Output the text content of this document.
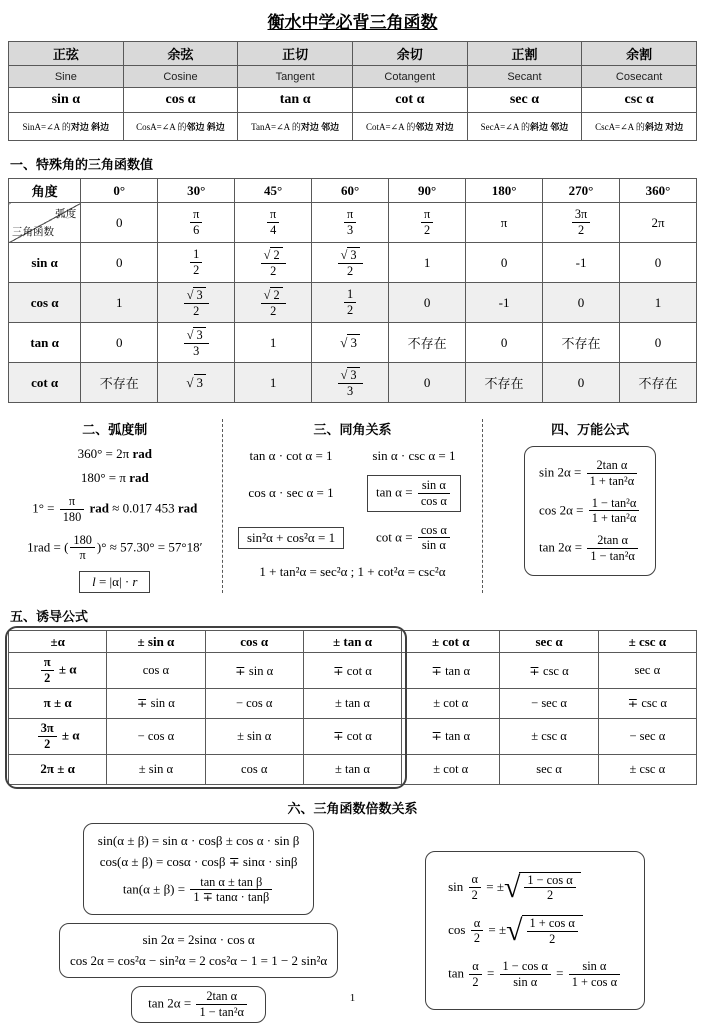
衡水中学必背三角函数
正弦	余弦	正切	余切	正割	余割
Sine	Cosine	Tangent	Cotangent	Secant	Cosecant
sin α	cos α	tan α	cot α	sec α	csc α
SinA=∠A 的对边 斜边	CosA=∠A 的邻边 斜边	TanA=∠A 的对边 邻边	CotA=∠A 的邻边 对边	SecA=∠A 的斜边 邻边	CscA=∠A 的斜边 对边
一、特殊角的三角函数值
角度	0°	30°	45°	60°	90°	180°	270°	360°

弧度
三角函数	0	$\frac{\pi}{6}$	$\frac{\pi}{4}$	$\frac{\pi}{3}$	$\frac{\pi}{2}$	π	$\frac{3\pi}{2}$	2π
sin α	0	$\frac{1}{2}$	$\frac{√ 2}{2}$	$\frac{√ 3}{2}$	1	0	-1	0
cos α	1	$\frac{√ 3}{2}$	$\frac{√ 2}{2}$	$\frac{1}{2}$	0	-1	0	1
tan α	0	$\frac{√ 3}{3}$	1	√ 3	不存在	0	不存在	0
cot α	不存在	√ 3	1	$\frac{√ 3}{3}$	0	不存在	0	不存在
二、弧度制
360° = 2π rad
180° = π rad
$1^\circ = \frac{\pi}{180}$ rad ≈ 0.017 453 rad
1rad = ( $\frac{180}{\pi}$ )° ≈ 57.30° = 57°18′
l = |α| · r
三、同角关系
tan α · cot α = 1	sin α · csc α = 1
cos α · sec α = 1	$\tan \alpha = \frac{\text{sin α}}{\text{cos α}}$
sin²α + cos²α = 1	$\cot \alpha = \frac{\text{cos α}}{\text{sin α}}$
1 + tan²α = sec²α ; 1 + cot²α = csc²α
四、万能公式
$\sin 2\alpha = \frac{\text{2tan α}}{\text{1 + tan²α}}$
$\cos 2\alpha = \frac{\text{1 − tan²α}}{\text{1 + tan²α}}$
$\tan 2\alpha = \frac{\text{2tan α}}{\text{1 − tan²α}}$
五、诱导公式
±α	± sin α	cos α	± tan α	± cot α	sec α	± csc α

$\frac{\pi}{2} \pm \alpha$	cos α	∓ sin α	∓ cot α	∓ tan α	∓ csc α	sec α
π ± α	∓ sin α	− cos α	± tan α	± cot α	− sec α	∓ csc α

$\frac{3\pi}{2} \pm \alpha$	− cos α	± sin α	∓ cot α	∓ tan α	± csc α	− sec α
2π ± α	± sin α	cos α	± tan α	± cot α	sec α	± csc α
六、三角函数倍数关系
sin(α ± β) = sin α · cosβ ± cos α · sin β
cos(α ± β) = cosα · cosβ ∓ sinα · sinβ
$\tan(\alpha \pm \beta) = \frac{\text{tan α ± tan β}}{1 \mp \tan\alpha \cdot \tan\beta}$
sin 2α = 2sinα · cos α
cos 2α = cos²α − sin²α = 2 cos²α − 1 = 1 − 2 sin²α
$\tan 2\alpha = \frac{\text{2tan α}}{\text{1 − tan²α}}$
$\sin \frac{\alpha}{2}$ = ± √ $\frac{\text{1 − cos α}}{2}$
$\cos \frac{\alpha}{2}$ = ± √ $\frac{\text{1 + cos α}}{2}$
$\tan \frac{\alpha}{2} = \frac{\text{1 − cos α}}{\text{sin α}} = \frac{\text{sin α}}{\text{1 + cos α}}$
1
